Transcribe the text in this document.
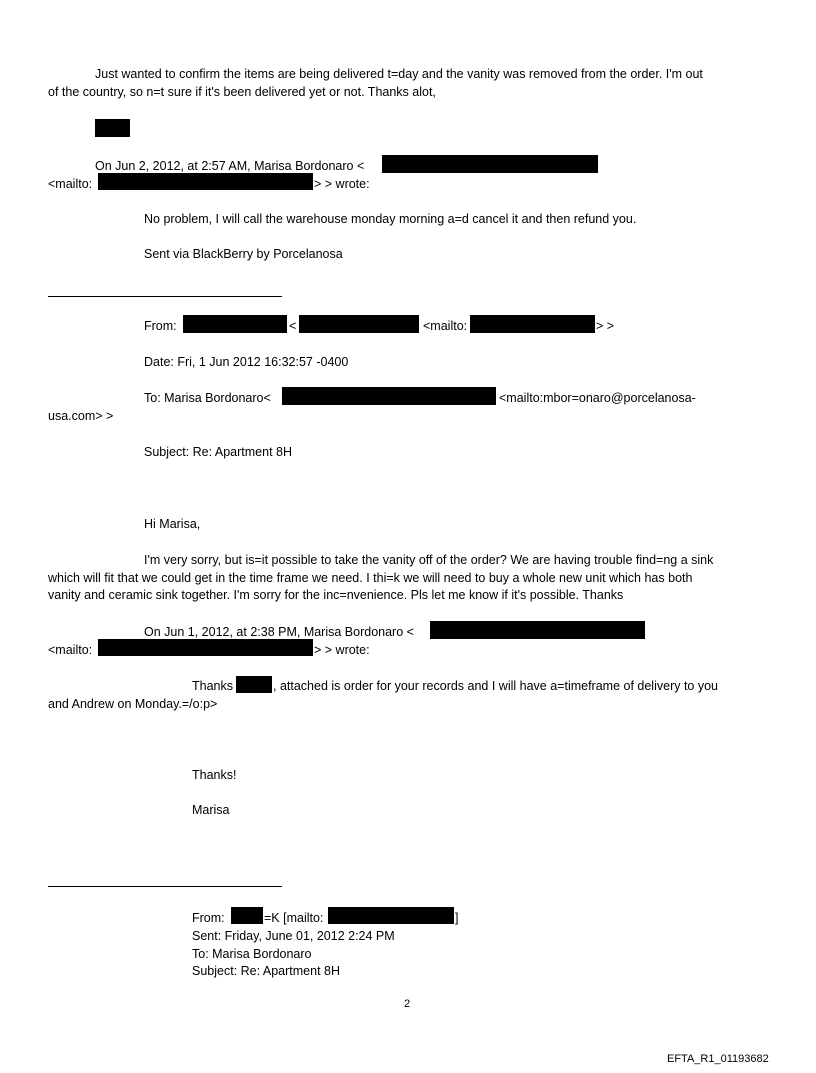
Just wanted to confirm the items are being delivered t=day and the vanity was removed from the order. I'm out
of the country, so n=t sure if it's been delivered yet or not. Thanks alot,
On Jun 2, 2012, at 2:57 AM, Marisa Bordonaro <
<mailto:	> > wrote:
No problem, I will call the warehouse monday morning a=d cancel it and then refund you.
Sent via BlackBerry by Porcelanosa
From:	<	<mailto:	> >
Date: Fri, 1 Jun 2012 16:32:57 -0400
To: Marisa Bordonaro<	<mailto:mbor=onaro@porcelanosa-
usa.com> >
Subject: Re: Apartment 8H
Hi Marisa,
I'm very sorry, but is=it possible to take the vanity off of the order? We are having trouble find=ng a sink
which will fit that we could get in the time frame we need. I thi=k we will need to buy a whole new unit which has both
vanity and ceramic sink together. I'm sorry for the inc=nvenience. Pls let me know if it's possible. Thanks
On Jun 1, 2012, at 2:38 PM, Marisa Bordonaro <
<mailto:	> > wrote:
Thanks	, attached is order for your records and I will have a=timeframe of delivery to you
and Andrew on Monday.=/o:p>
Thanks!
Marisa
From:	=K [mailto:	]
Sent: Friday, June 01, 2012 2:24 PM
To: Marisa Bordonaro
Subject: Re: Apartment 8H
2
EFTA_R1_01193682
